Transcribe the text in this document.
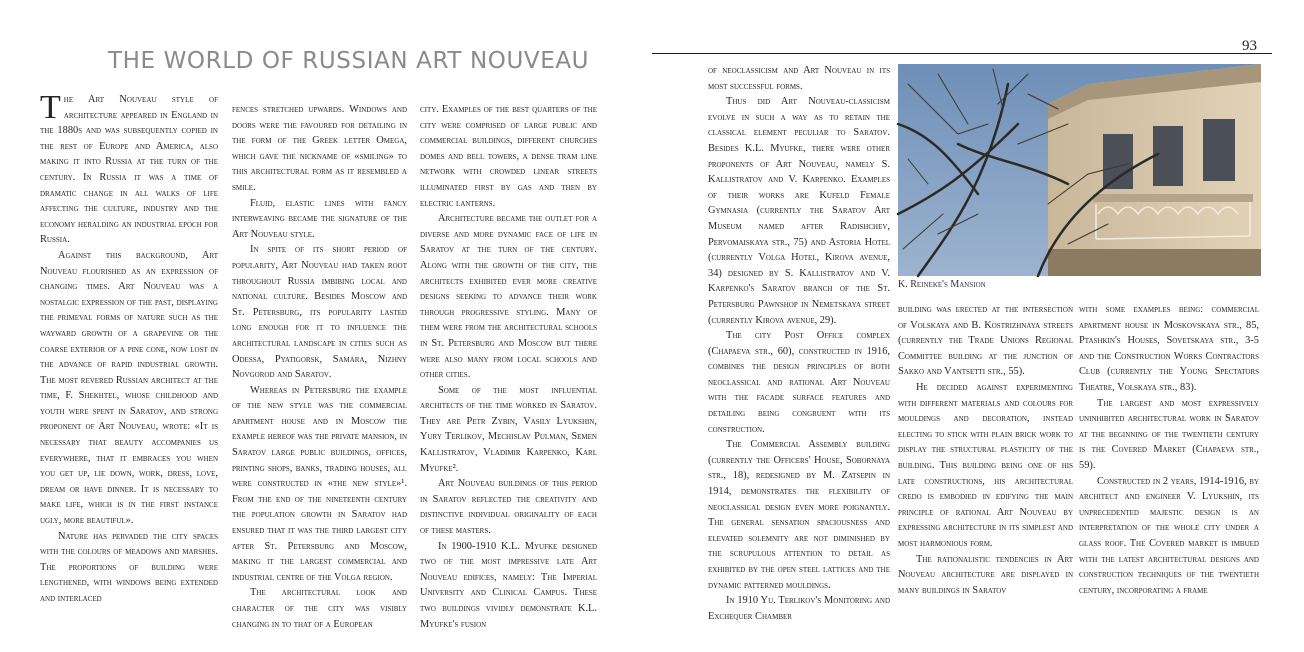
THE WORLD OF RUSSIAN ART NOUVEAU

The Art Nouveau style of architecture appeared in England in the 1880s and was subsequently copied in the rest of Europe and America, also making it into Russia at the turn of the century. In Russia it was a time of dramatic change in all walks of life affecting the culture, industry and the economy heralding an industrial epoch for Russia.

Against this background, Art Nouveau flourished as an expression of changing times. Art Nouveau was a nostalgic expression of the past, displaying the primeval forms of nature such as the wayward growth of a grapevine or the coarse exterior of a pine cone, now lost in the advance of rapid industrial growth. The most revered Russian architect at the time, F. Shekhtel, whose childhood and youth were spent in Saratov, and strong proponent of Art Nouveau, wrote: «It is necessary that beauty accompanies us everywhere, that it embraces you when you get up, lie down, work, dress, love, dream or have dinner. It is necessary to make life, which is in the first instance ugly, more beautiful».

Nature has pervaded the city spaces with the colours of meadows and marshes. The proportions of building were lengthened, with windows being extended and interlaced

fences stretched upwards. Windows and doors were the favoured for detailing in the form of the Greek letter Omega, which gave the nickname of «smiling» to this architectural form as it resembled a smile.

Fluid, elastic lines with fancy interweaving became the signature of the Art Nouveau style.

In spite of its short period of popularity, Art Nouveau had taken root throughout Russia imbibing local and national culture. Besides Moscow and St. Petersburg, its popularity lasted long enough for it to influence the architectural landscape in cities such as Odessa, Pyatigorsk, Samara, Nizhny Novgorod and Saratov.

Whereas in Petersburg the example of the new style was the commercial apartment house and in Moscow the example hereof was the private mansion, in Saratov large public buildings, offices, printing shops, banks, trading houses, all were constructed in «the new style»¹. From the end of the nineteenth century the population growth in Saratov had ensured that it was the third largest city after St. Petersburg and Moscow, making it the largest commercial and industrial centre of the Volga region.

The architectural look and character of the city was visibly changing in to that of a European

city. Examples of the best quarters of the city were comprised of large public and commercial buildings, different churches domes and bell towers, a dense tram line network with crowded linear streets illuminated first by gas and then by electric lanterns.

Architecture became the outlet for a diverse and more dynamic face of life in Saratov at the turn of the century. Along with the growth of the city, the architects exhibited ever more creative designs seeking to advance their work through progressive styling. Many of them were from the architectural schools in St. Petersburg and Moscow but there were also many from local schools and other cities.

Some of the most influential architects of the time worked in Saratov. They are Petr Zybin, Vasily Lyukshin, Yury Terlikov, Mechislav Pulman, Semen Kallistratov, Vladimir Karpenko, Karl Myufke².

Art Nouveau buildings of this period in Saratov reflected the creativity and distinctive individual originality of each of these masters.

In 1900-1910 K.L. Myufke designed two of the most impressive late Art Nouveau edifices, namely: The Imperial University and Clinical Campus. These two buildings vividly demonstrate K.L. Myufke's fusion

93

of neoclassicism and Art Nouveau in its most successful forms.

Thus did Art Nouveau-classicism evolve in such a way as to retain the classical element peculiar to Saratov. Besides K.L. Myufke, there were other proponents of Art Nouveau, namely S. Kallistratov and V. Karpenko. Examples of their works are Kufeld Female Gymnasia (currently the Saratov Art Museum named after Radishchev, Pervomaiskaya str., 75) and Astoria Hotel (currently Volga Hotel, Kirova avenue, 34) designed by S. Kallistratov and V. Karpenko's Saratov branch of the St. Petersburg Pawnshop in Nemetskaya street (currently Kirova avenue, 29).

The city Post Office complex (Chapaeva str., 60), constructed in 1916, combines the design principles of both neoclassical and rational Art Nouveau with the facade surface features and detailing being congruent with its construction.

The Commercial Assembly building (currently the Officers' House, Sobornaya str., 18), redesigned by M. Zatsepin in 1914, demonstrates the flexibility of neoclassical design even more poignantly. The general sensation spaciousness and elevated solemnity are not diminished by the scrupulous attention to detail as exhibited by the open steel lattices and the dynamic patterned mouldings.

In 1910 Yu. Terlikov's Monitoring and Exchequer Chamber

K. Reineke's Mansion

building was erected at the intersection of Volskaya and B. Kostrizhnaya streets (currently the Trade Unions Regional Committee building at the junction of Sakko and Vantsetti str., 55).

He decided against experimenting with different materials and colours for mouldings and decoration, instead electing to stick with plain brick work to display the structural plasticity of the building. This building being one of his late constructions, his architectural credo is embodied in edifying the main principle of rational Art Nouveau by expressing architecture in its simplest and most harmonious form.

The rationalistic tendencies in Art Nouveau architecture are displayed in many buildings in Saratov

with some examples being: commercial apartment house in Moskovskaya str., 85, Ptashkin's Houses, Sovetskaya str., 3-5 and the Construction Works Contractors Club (currently the Young Spectators Theatre, Volskaya str., 83).

The largest and most expressively uninhibited architectural work in Saratov at the beginning of the twentieth century is the Covered Market (Chapaeva str., 59).

Constructed in 2 years, 1914-1916, by architect and engineer V. Lyukshin, its unprecedented majestic design is an interpretation of the whole city under a glass roof. The Covered market is imbued with the latest architectural designs and construction techniques of the twentieth century, incorporating a frame
